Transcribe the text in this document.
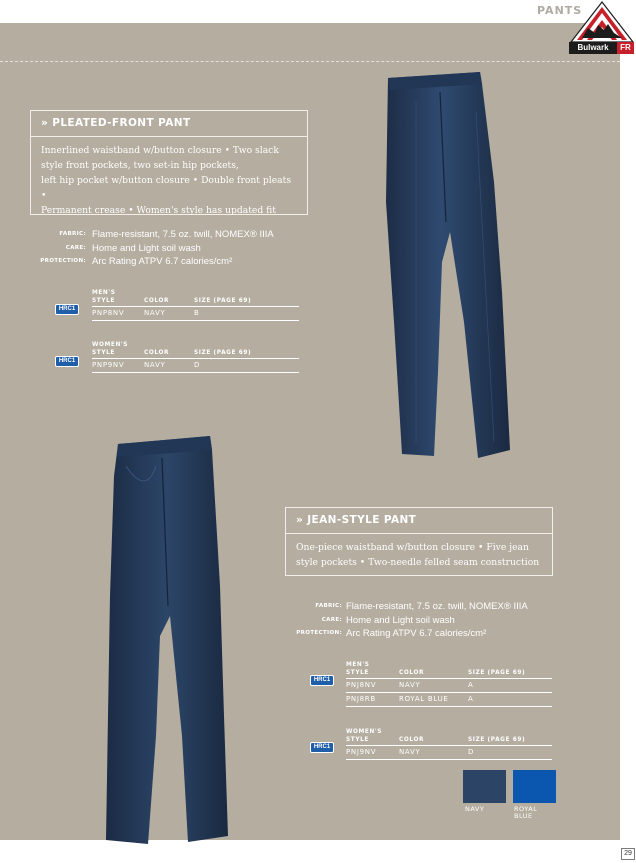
PANTS
Bulwark	FR
» PLEATED-FRONT PANT
Innerlined waistband w/button closure • Two slack
style front pockets, two set-in hip pockets,
left hip pocket w/button closure • Double front pleats •
Permanent crease • Women's style has updated fit
FABRIC: Flame-resistant, 7.5 oz. twill, NOMEX® IIIA
CARE: Home and Light soil wash
PROTECTION: Arc Rating ATPV 6.7 calories/cm²
HRC1
MEN'S
STYLE	COLOR	SIZE (PAGE 69)
PNP8NV	NAVY	B
HRC1
WOMEN'S
STYLE	COLOR	SIZE (PAGE 69)
PNP9NV	NAVY	D
» JEAN-STYLE PANT
One-piece waistband w/button closure • Five jean
style pockets • Two-needle felled seam construction
FABRIC: Flame-resistant, 7.5 oz. twill, NOMEX® IIIA
CARE: Home and Light soil wash
PROTECTION: Arc Rating ATPV 6.7 calories/cm²
HRC1
MEN'S
STYLE	COLOR	SIZE (PAGE 69)
PNJ8NV	NAVY	A
PNJ8RB	ROYAL BLUE	A
HRC1
WOMEN'S
STYLE	COLOR	SIZE (PAGE 69)
PNJ9NV	NAVY	D
NAVY	ROYAL BLUE
29
